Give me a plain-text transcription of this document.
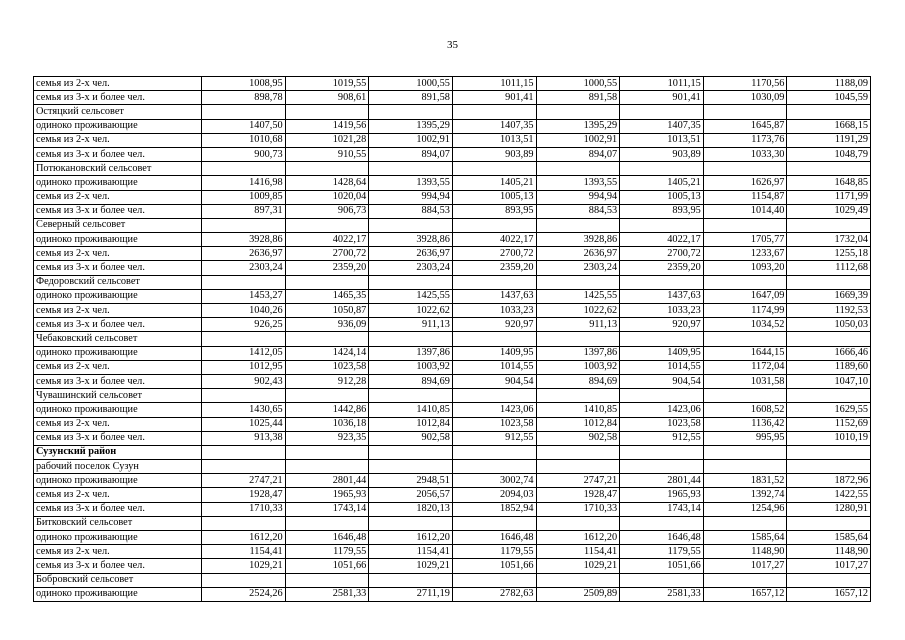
35
семья из 2-х чел.	1008,95	1019,55	1000,55	1011,15	1000,55	1011,15	1170,56	1188,09
семья из 3-х и более чел.	898,78	908,61	891,58	901,41	891,58	901,41	1030,09	1045,59
Остяцкий сельсовет								
одиноко проживающие	1407,50	1419,56	1395,29	1407,35	1395,29	1407,35	1645,87	1668,15
семья из 2-х чел.	1010,68	1021,28	1002,91	1013,51	1002,91	1013,51	1173,76	1191,29
семья из 3-х и более чел.	900,73	910,55	894,07	903,89	894,07	903,89	1033,30	1048,79
Потюкановский сельсовет								
одиноко проживающие	1416,98	1428,64	1393,55	1405,21	1393,55	1405,21	1626,97	1648,85
семья из 2-х чел.	1009,85	1020,04	994,94	1005,13	994,94	1005,13	1154,87	1171,99
семья из 3-х и более чел.	897,31	906,73	884,53	893,95	884,53	893,95	1014,40	1029,49
Северный сельсовет								
одиноко проживающие	3928,86	4022,17	3928,86	4022,17	3928,86	4022,17	1705,77	1732,04
семья из 2-х чел.	2636,97	2700,72	2636,97	2700,72	2636,97	2700,72	1233,67	1255,18
семья из 3-х и более чел.	2303,24	2359,20	2303,24	2359,20	2303,24	2359,20	1093,20	1112,68
Федоровский сельсовет								
одиноко проживающие	1453,27	1465,35	1425,55	1437,63	1425,55	1437,63	1647,09	1669,39
семья из 2-х чел.	1040,26	1050,87	1022,62	1033,23	1022,62	1033,23	1174,99	1192,53
семья из 3-х и более чел.	926,25	936,09	911,13	920,97	911,13	920,97	1034,52	1050,03
Чебаковский сельсовет								
одиноко проживающие	1412,05	1424,14	1397,86	1409,95	1397,86	1409,95	1644,15	1666,46
семья из 2-х чел.	1012,95	1023,58	1003,92	1014,55	1003,92	1014,55	1172,04	1189,60
семья из 3-х и более чел.	902,43	912,28	894,69	904,54	894,69	904,54	1031,58	1047,10
Чувашинский сельсовет								
одиноко проживающие	1430,65	1442,86	1410,85	1423,06	1410,85	1423,06	1608,52	1629,55
семья из 2-х чел.	1025,44	1036,18	1012,84	1023,58	1012,84	1023,58	1136,42	1152,69
семья из 3-х и более чел.	913,38	923,35	902,58	912,55	902,58	912,55	995,95	1010,19
Сузунский район								
рабочий поселок Сузун								
одиноко проживающие	2747,21	2801,44	2948,51	3002,74	2747,21	2801,44	1831,52	1872,96
семья из 2-х чел.	1928,47	1965,93	2056,57	2094,03	1928,47	1965,93	1392,74	1422,55
семья из 3-х и более чел.	1710,33	1743,14	1820,13	1852,94	1710,33	1743,14	1254,96	1280,91
Битковский сельсовет								
одиноко проживающие	1612,20	1646,48	1612,20	1646,48	1612,20	1646,48	1585,64	1585,64
семья из 2-х чел.	1154,41	1179,55	1154,41	1179,55	1154,41	1179,55	1148,90	1148,90
семья из 3-х и более чел.	1029,21	1051,66	1029,21	1051,66	1029,21	1051,66	1017,27	1017,27
Бобровский сельсовет								
одиноко проживающие	2524,26	2581,33	2711,19	2782,63	2509,89	2581,33	1657,12	1657,12
